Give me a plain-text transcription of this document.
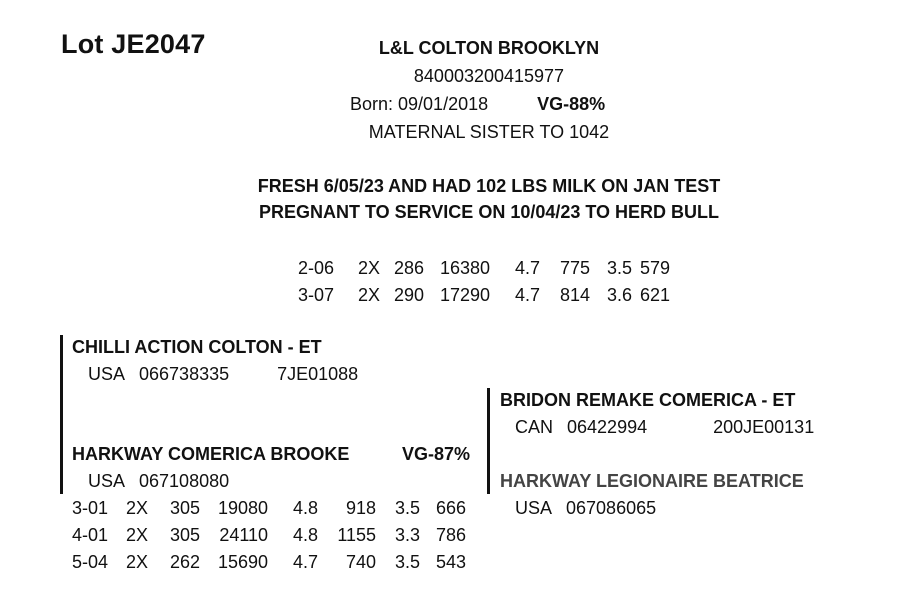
Lot JE2047	L&L COLTON BROOKLYN
840003200415977
Born: 09/01/2018	VG-88%
MATERNAL SISTER TO 1042
FRESH 6/05/23 AND HAD 102 LBS MILK ON JAN TEST
PREGNANT TO SERVICE ON 10/04/23 TO HERD BULL
2-06	2X	286	16380	4.7	775	3.5	579
3-07	2X	290	17290	4.7	814	3.6	621
CHILLI ACTION COLTON - ET
USA 066738335	7JE01088
HARKWAY COMERICA BROOKE	VG-87%
USA 067108080
3-01	2X	305	19080	4.8	918	3.5	666
4-01	2X	305	24110	4.8	1155	3.3	786
5-04	2X	262	15690	4.7	740	3.5	543
BRIDON REMAKE COMERICA - ET
CAN 06422994	200JE00131
HARKWAY LEGIONAIRE BEATRICE
USA 067086065
